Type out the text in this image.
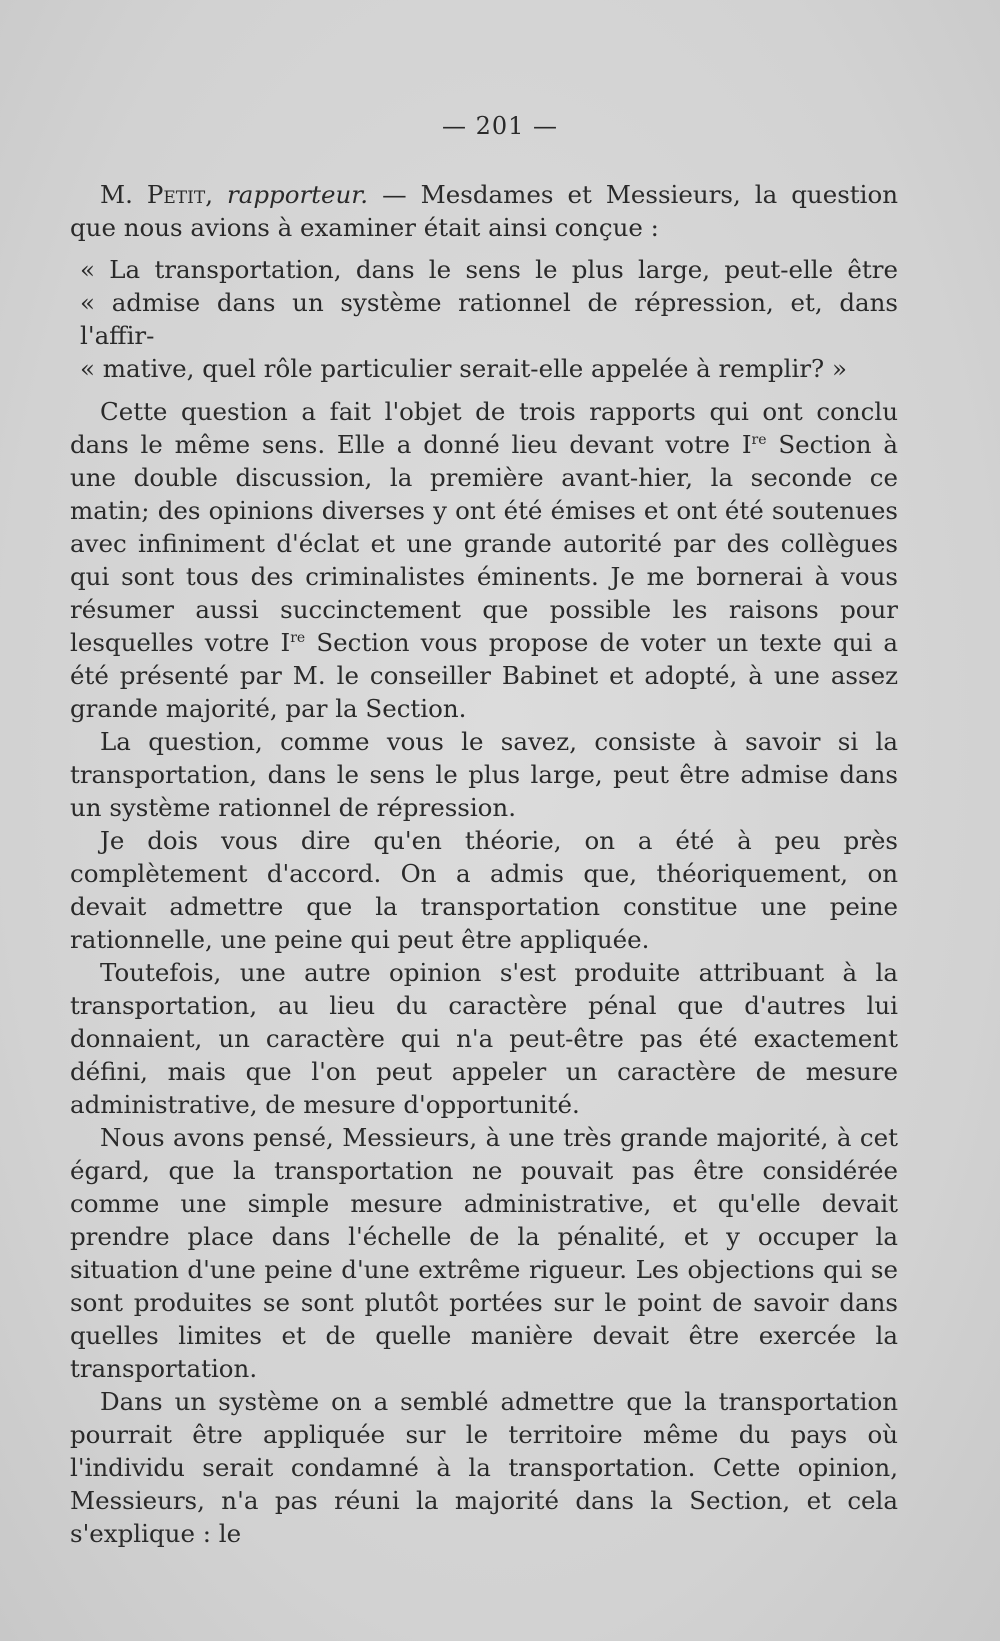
— 201 —

M. Petit, rapporteur. — Mesdames et Messieurs, la question que nous avions à examiner était ainsi conçue :

« La transportation, dans le sens le plus large, peut-elle être
« admise dans un système rationnel de répression, et, dans l'affir-
« mative, quel rôle particulier serait-elle appelée à remplir? »

Cette question a fait l'objet de trois rapports qui ont conclu dans le même sens. Elle a donné lieu devant votre Ire Section à une double discussion, la première avant-hier, la seconde ce matin; des opinions diverses y ont été émises et ont été soutenues avec infiniment d'éclat et une grande autorité par des collègues qui sont tous des criminalistes éminents. Je me bornerai à vous résumer aussi succinctement que possible les raisons pour lesquelles votre Ire Section vous propose de voter un texte qui a été présenté par M. le conseiller Babinet et adopté, à une assez grande majorité, par la Section.

La question, comme vous le savez, consiste à savoir si la transportation, dans le sens le plus large, peut être admise dans un système rationnel de répression.

Je dois vous dire qu'en théorie, on a été à peu près complètement d'accord. On a admis que, théoriquement, on devait admettre que la transportation constitue une peine rationnelle, une peine qui peut être appliquée.

Toutefois, une autre opinion s'est produite attribuant à la transportation, au lieu du caractère pénal que d'autres lui donnaient, un caractère qui n'a peut-être pas été exactement défini, mais que l'on peut appeler un caractère de mesure administrative, de mesure d'opportunité.

Nous avons pensé, Messieurs, à une très grande majorité, à cet égard, que la transportation ne pouvait pas être considérée comme une simple mesure administrative, et qu'elle devait prendre place dans l'échelle de la pénalité, et y occuper la situation d'une peine d'une extrême rigueur. Les objections qui se sont produites se sont plutôt portées sur le point de savoir dans quelles limites et de quelle manière devait être exercée la transportation.

Dans un système on a semblé admettre que la transportation pourrait être appliquée sur le territoire même du pays où l'individu serait condamné à la transportation. Cette opinion, Messieurs, n'a pas réuni la majorité dans la Section, et cela s'explique : le
